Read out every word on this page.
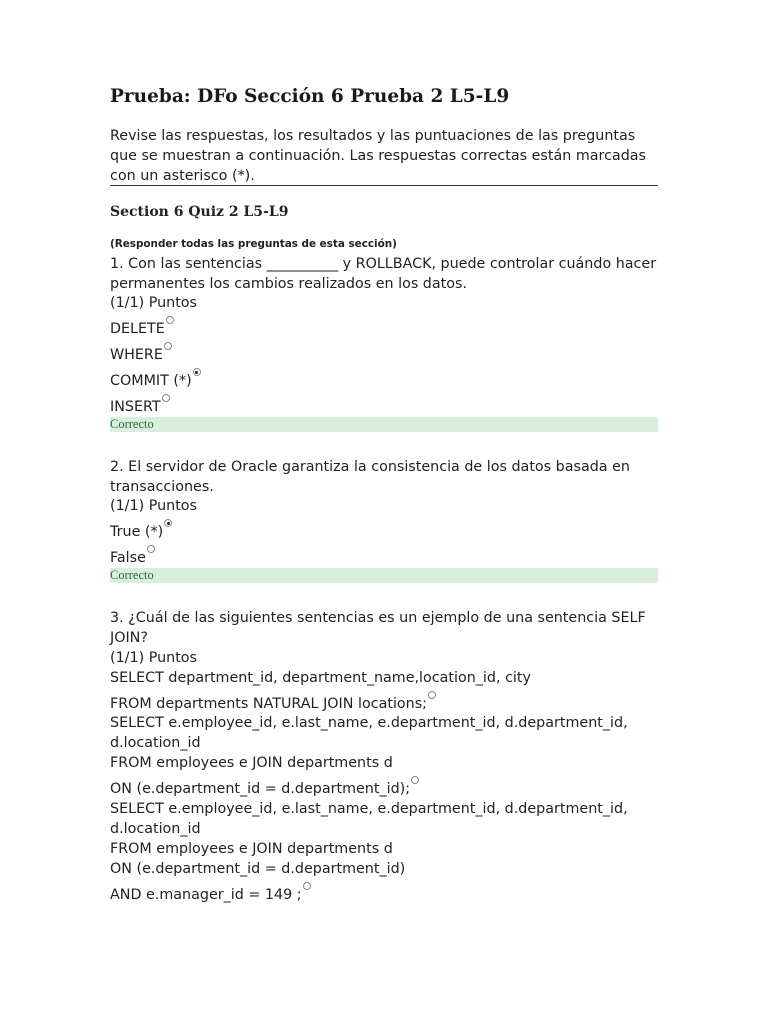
Prueba: DFo Sección 6 Prueba 2 L5-L9
Revise las respuestas, los resultados y las puntuaciones de las preguntas que se muestran a continuación. Las respuestas correctas están marcadas con un asterisco (*).
Section 6 Quiz 2 L5-L9
(Responder todas las preguntas de esta sección)
1. Con las sentencias __________ y ROLLBACK, puede controlar cuándo hacer permanentes los cambios realizados en los datos.
(1/1) Puntos
DELETE
WHERE
COMMIT (*)
INSERT
Correcto
2. El servidor de Oracle garantiza la consistencia de los datos basada en transacciones.
(1/1) Puntos
True (*)
False
Correcto
3. ¿Cuál de las siguientes sentencias es un ejemplo de una sentencia SELF JOIN?
(1/1) Puntos
SELECT department_id, department_name,location_id, city
FROM departments NATURAL JOIN locations;
SELECT e.employee_id, e.last_name, e.department_id, d.department_id, d.location_id
FROM employees e JOIN departments d
ON (e.department_id = d.department_id);
SELECT e.employee_id, e.last_name, e.department_id, d.department_id, d.location_id
FROM employees e JOIN departments d
ON (e.department_id = d.department_id)
AND e.manager_id = 149 ;
